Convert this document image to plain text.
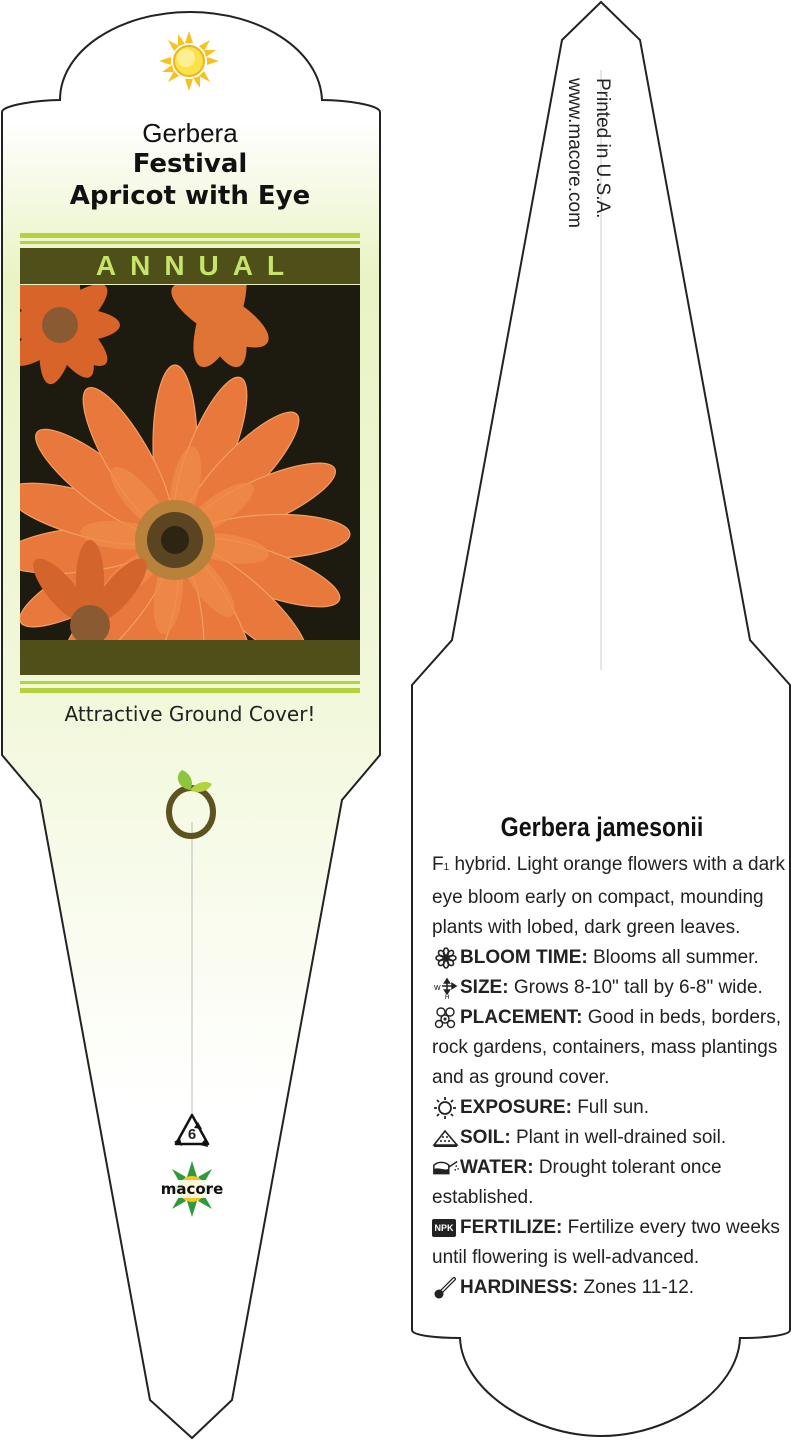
Gerbera
Festival
Apricot with Eye
ANNUAL
Attractive Ground Cover!
6
macore
Printed in U.S.A.
www.macore.com
Gerbera jamesonii
F1 hybrid. Light orange flowers with a dark
eye bloom early on compact, mounding
plants with lobed, dark green leaves.
BLOOM TIME: Blooms all summer.
W
H SIZE: Grows 8-10" tall by 6-8" wide.
PLACEMENT: Good in beds, borders,
rock gardens, containers, mass plantings
and as ground cover.
EXPOSURE: Full sun.
SOIL: Plant in well-drained soil.
WATER: Drought tolerant once
established.
NPK FERTILIZE: Fertilize every two weeks
until flowering is well-advanced.
HARDINESS: Zones 11-12.
